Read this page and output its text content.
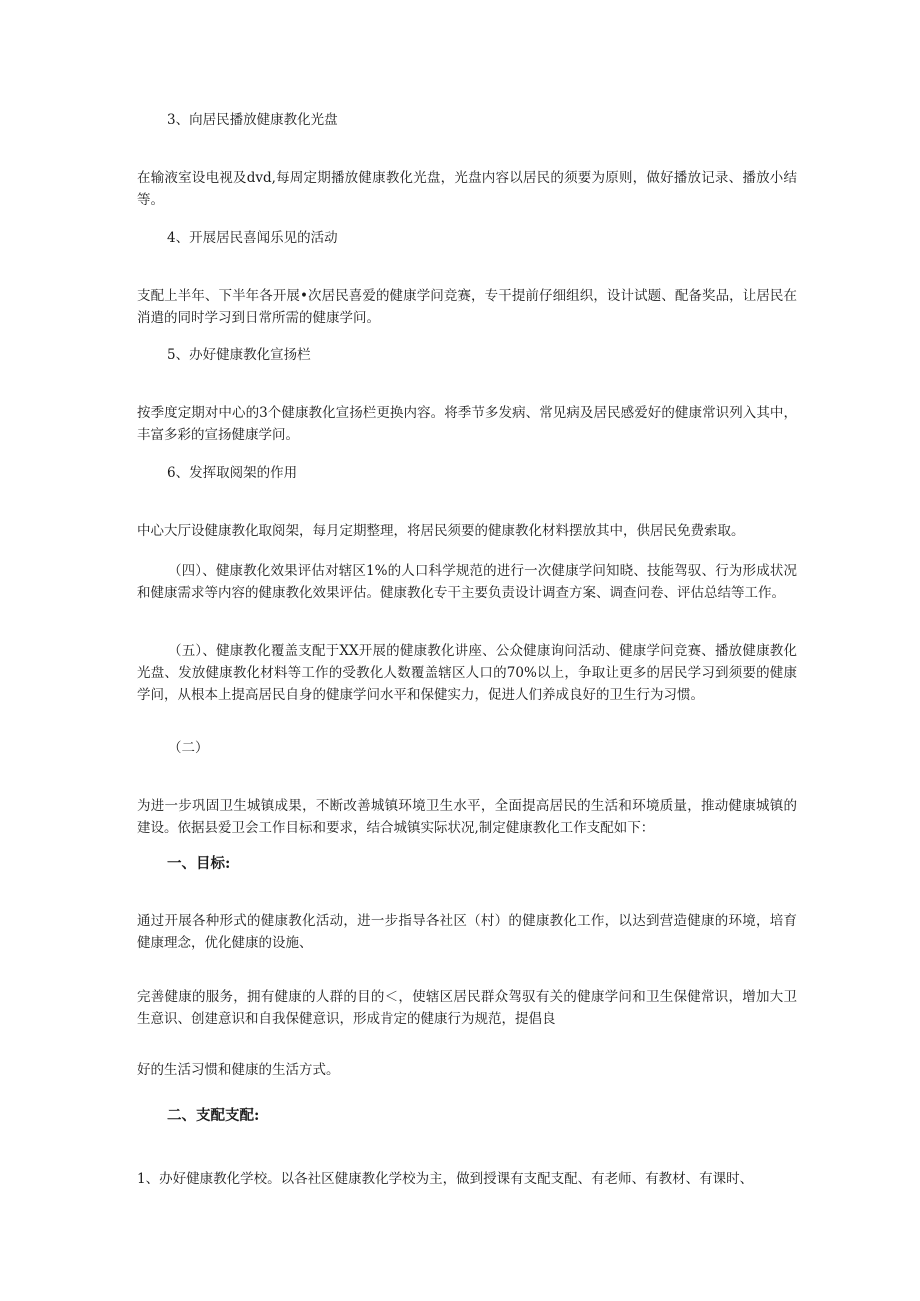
3、向居民播放健康教化光盘
在输液室设电视及dvd,每周定期播放健康教化光盘，光盘内容以居民的须要为原则，做好播放记录、播放小结等。
4、开展居民喜闻乐见的活动
支配上半年、下半年各开展•次居民喜爱的健康学问竞赛，专干提前仔细组织，设计试题、配备奖品，让居民在消遣的同时学习到日常所需的健康学问。
5、办好健康教化宣扬栏
按季度定期对中心的3个健康教化宣扬栏更换内容。将季节多发病、常见病及居民感爱好的健康常识列入其中，丰富多彩的宣扬健康学问。
6、发挥取阅架的作用
中心大厅设健康教化取阅架，每月定期整理，将居民须要的健康教化材料摆放其中，供居民免费索取。
（四）、健康教化效果评估对辖区1%的人口科学规范的进行一次健康学问知晓、技能驾驭、行为形成状况和健康需求等内容的健康教化效果评估。健康教化专干主要负责设计调查方案、调查问卷、评估总结等工作。
（五）、健康教化覆盖支配于XX开展的健康教化讲座、公众健康询问活动、健康学问竞赛、播放健康教化光盘、发放健康教化材料等工作的受教化人数覆盖辖区人口的70%以上，争取让更多的居民学习到须要的健康学问，从根本上提高居民自身的健康学问水平和保健实力，促进人们养成良好的卫生行为习惯。
（二）
为进一步巩固卫生城镇成果，不断改善城镇环境卫生水平，全面提高居民的生活和环境质量，推动健康城镇的建设。依据县爱卫会工作目标和要求，结合城镇实际状况,制定健康教化工作支配如下：
一、目标:
通过开展各种形式的健康教化活动，进一步指导各社区（村）的健康教化工作，以达到营造健康的环境，培育健康理念，优化健康的设施、
完善健康的服务，拥有健康的人群的目的＜，使辖区居民群众驾驭有关的健康学问和卫生保健常识，增加大卫生意识、创建意识和自我保健意识，形成肯定的健康行为规范，提倡良
好的生活习惯和健康的生活方式。
二、支配支配:
1、办好健康教化学校。以各社区健康教化学校为主，做到授课有支配支配、有老师、有教材、有课时、
